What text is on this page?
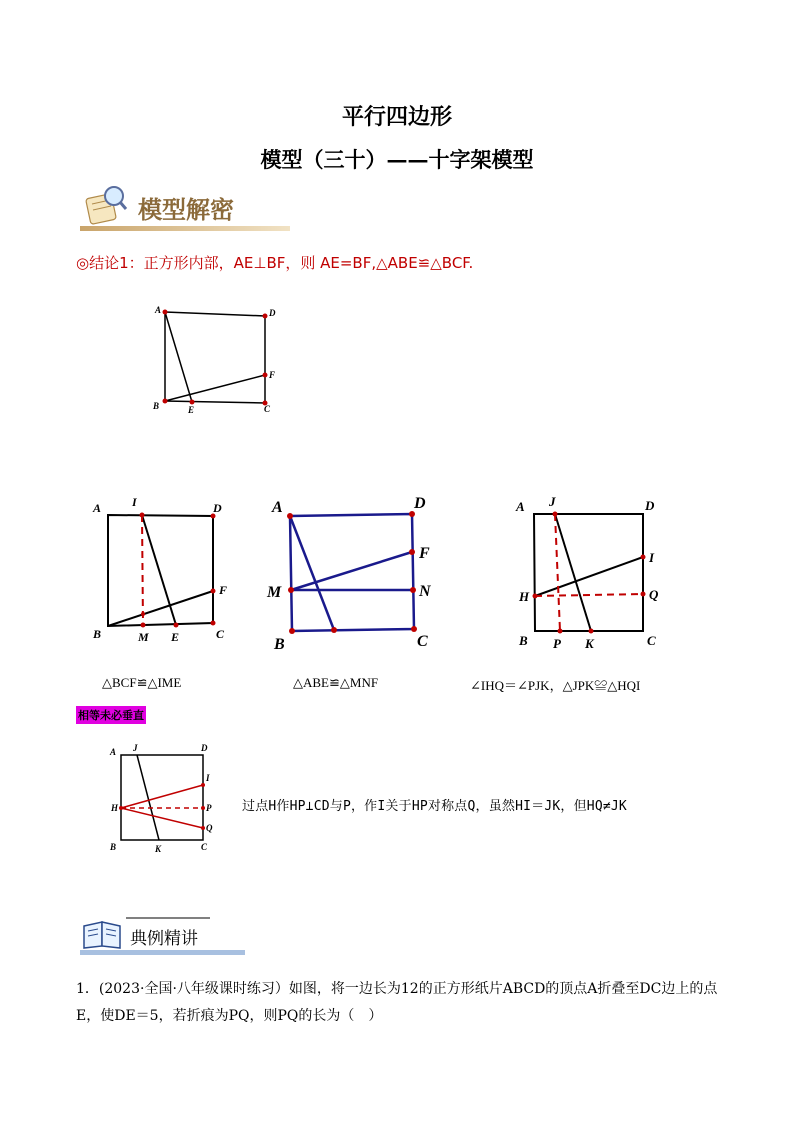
平行四边形
模型（三十）——十字架模型
模型解密
◎结论1：正方形内部，AE⊥BF，则 AE=BF,△ABE≌△BCF.
A	D
F
C
B	E
A	I	D
F
C
B	M E
△BCF≌△IME
A	D
F
N
M
B	C
△ABE≌△MNF
A J	D
I
Q
H
B P K	C
∠IHQ＝∠PJK，△JPK≌△HQI
相等未必垂直
A J	D
I
H	P
Q
B	K	C
过点H作HP⊥CD与P，作I关于HP对称点Q，虽然HI＝JK，但HQ≠JK
典例精讲
1．(2023·全国·八年级课时练习）如图，将一边长为12的正方形纸片ABCD的顶点A折叠至DC边上的点E，使DE＝5，若折痕为PQ，则PQ的长为（　）
